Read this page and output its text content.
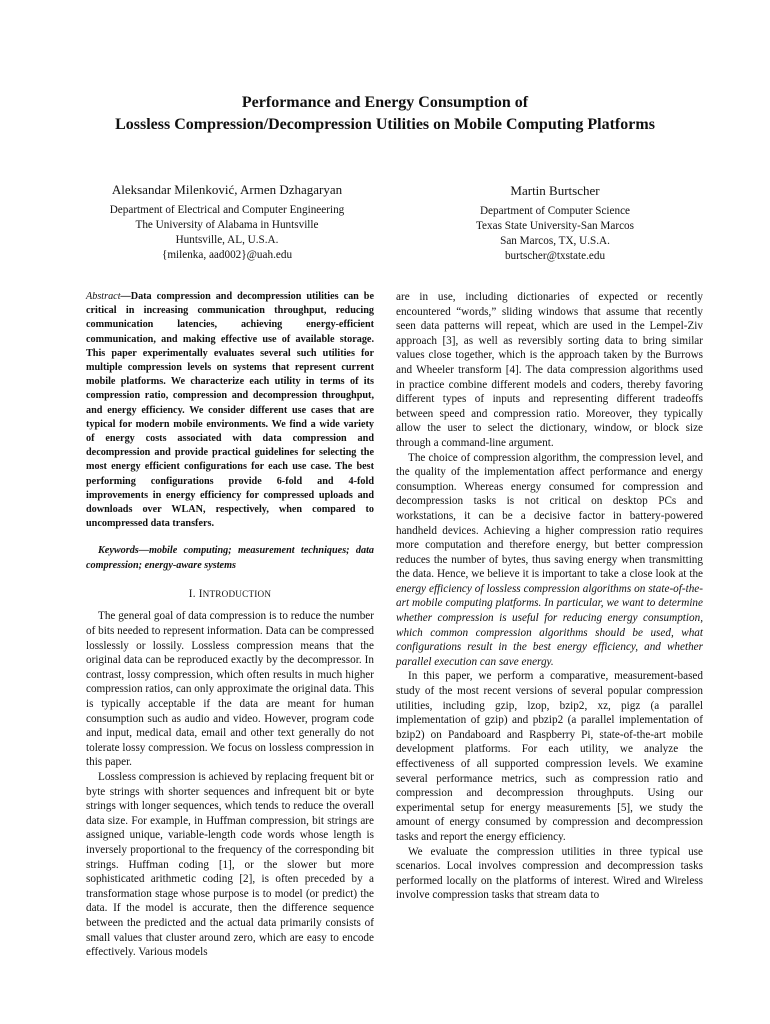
Performance and Energy Consumption of
Lossless Compression/Decompression Utilities on Mobile Computing Platforms
Aleksandar Milenković, Armen Dzhagaryan
Department of Electrical and Computer Engineering
The University of Alabama in Huntsville
Huntsville, AL, U.S.A.
{milenka, aad002}@uah.edu
Martin Burtscher
Department of Computer Science
Texas State University-San Marcos
San Marcos, TX, U.S.A.
burtscher@txstate.edu

Abstract—Data compression and decompression utilities can be critical in increasing communication throughput, reducing communication latencies, achieving energy-efficient communication, and making effective use of available storage. This paper experimentally evaluates several such utilities for multiple compression levels on systems that represent current mobile platforms. We characterize each utility in terms of its compression ratio, compression and decompression throughput, and energy efficiency. We consider different use cases that are typical for modern mobile environments. We find a wide variety of energy costs associated with data compression and decompression and provide practical guidelines for selecting the most energy efficient configurations for each use case. The best performing configurations provide 6-fold and 4-fold improvements in energy efficiency for compressed uploads and downloads over WLAN, respectively, when compared to uncompressed data transfers.

Keywords—mobile computing; measurement techniques; data compression; energy-aware systems

I. INTRODUCTION

The general goal of data compression is to reduce the number of bits needed to represent information. Data can be compressed losslessly or lossily. Lossless compression means that the original data can be reproduced exactly by the decompressor. In contrast, lossy compression, which often results in much higher compression ratios, can only approximate the original data. This is typically acceptable if the data are meant for human consumption such as audio and video. However, program code and input, medical data, email and other text generally do not tolerate lossy compression. We focus on lossless compression in this paper.

Lossless compression is achieved by replacing frequent bit or byte strings with shorter sequences and infrequent bit or byte strings with longer sequences, which tends to reduce the overall data size. For example, in Huffman compression, bit strings are assigned unique, variable-length code words whose length is inversely proportional to the frequency of the corresponding bit strings. Huffman coding [1], or the slower but more sophisticated arithmetic coding [2], is often preceded by a transformation stage whose purpose is to model (or predict) the data. If the model is accurate, then the difference sequence between the predicted and the actual data primarily consists of small values that cluster around zero, which are easy to encode effectively. Various models

are in use, including dictionaries of expected or recently encountered “words,” sliding windows that assume that recently seen data patterns will repeat, which are used in the Lempel-Ziv approach [3], as well as reversibly sorting data to bring similar values close together, which is the approach taken by the Burrows and Wheeler transform [4]. The data compression algorithms used in practice combine different models and coders, thereby favoring different types of inputs and representing different tradeoffs between speed and compression ratio. Moreover, they typically allow the user to select the dictionary, window, or block size through a command-line argument.

The choice of compression algorithm, the compression level, and the quality of the implementation affect performance and energy consumption. Whereas energy consumed for compression and decompression tasks is not critical on desktop PCs and workstations, it can be a decisive factor in battery-powered handheld devices. Achieving a higher compression ratio requires more computation and therefore energy, but better compression reduces the number of bytes, thus saving energy when transmitting the data. Hence, we believe it is important to take a close look at the energy efficiency of lossless compression algorithms on state-of-the-art mobile computing platforms. In particular, we want to determine whether compression is useful for reducing energy consumption, which common compression algorithms should be used, what configurations result in the best energy efficiency, and whether parallel execution can save energy.

In this paper, we perform a comparative, measurement-based study of the most recent versions of several popular compression utilities, including gzip, lzop, bzip2, xz, pigz (a parallel implementation of gzip) and pbzip2 (a parallel implementation of bzip2) on Pandaboard and Raspberry Pi, state-of-the-art mobile development platforms. For each utility, we analyze the effectiveness of all supported compression levels. We examine several performance metrics, such as compression ratio and compression and decompression throughputs. Using our experimental setup for energy measurements [5], we study the amount of energy consumed by compression and decompression tasks and report the energy efficiency.

We evaluate the compression utilities in three typical use scenarios. Local involves compression and decompression tasks performed locally on the platforms of interest. Wired and Wireless involve compression tasks that stream data to
